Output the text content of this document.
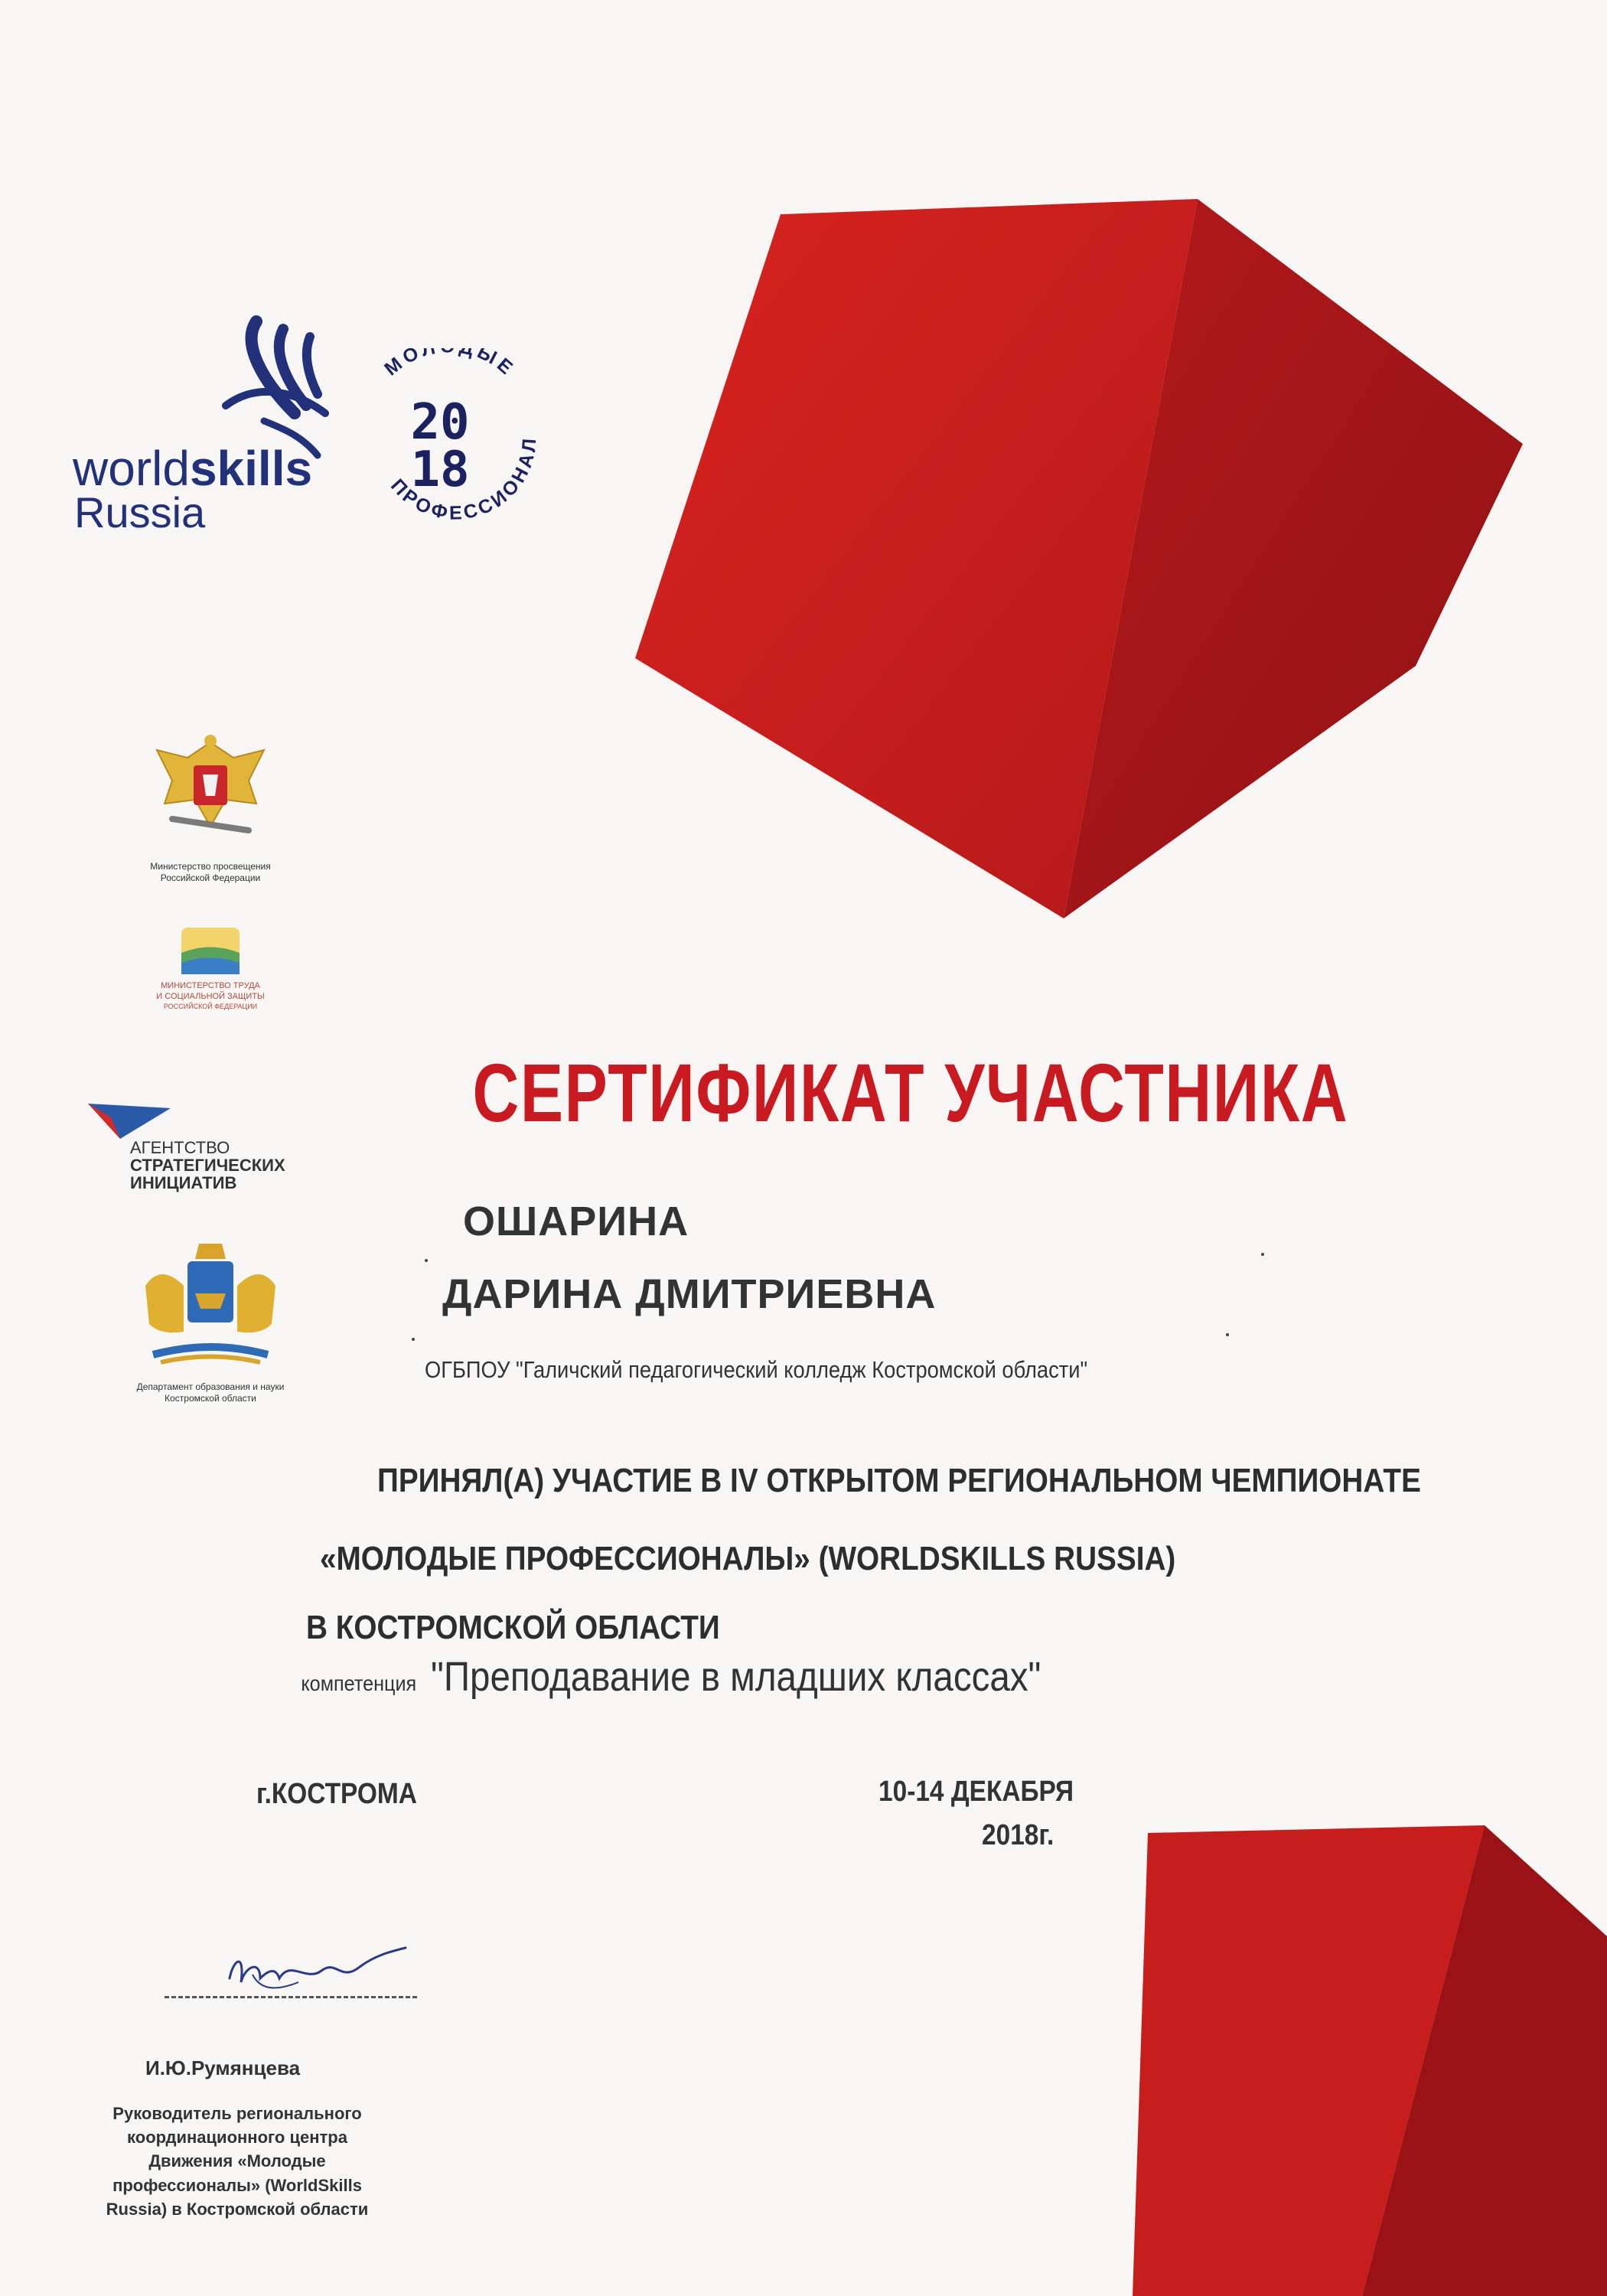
worldskills
Russia
МОЛ ДЫЕ
ПРОФЕССИОНАЛ
20
18
Министерство просвещения
Российской Федерации
МИНИСТЕРСТВО ТРУДА
И СОЦИАЛЬНОЙ ЗАЩИТЫ
РОССИЙСКОЙ ФЕДЕРАЦИИ
АГЕНТСТВО
СТРАТЕГИЧЕСКИХ
ИНИЦИАТИВ
Департамент образования и науки
Костромской области
СЕРТИФИКАТ УЧАСТНИКА
ОШАРИНА
ДАРИНА ДМИТРИЕВНА
ОГБПОУ "Галичский педагогический колледж Костромской области"
ПРИНЯЛ(А) УЧАСТИЕ В IV ОТКРЫТОМ РЕГИОНАЛЬНОМ ЧЕМПИОНАТЕ
«МОЛОДЫЕ ПРОФЕССИОНАЛЫ» (WORLDSKILLS RUSSIA)
В КОСТРОМСКОЙ ОБЛАСТИ
компетенция "Преподавание в младших классах"
г.КОСТРОМА	10-14 ДЕКАБРЯ
2018г.
И.Ю.Румянцева
Руководитель регионального
координационного центра
Движения «Молодые
профессионалы» (WorldSkills
Russia) в Костромской области
